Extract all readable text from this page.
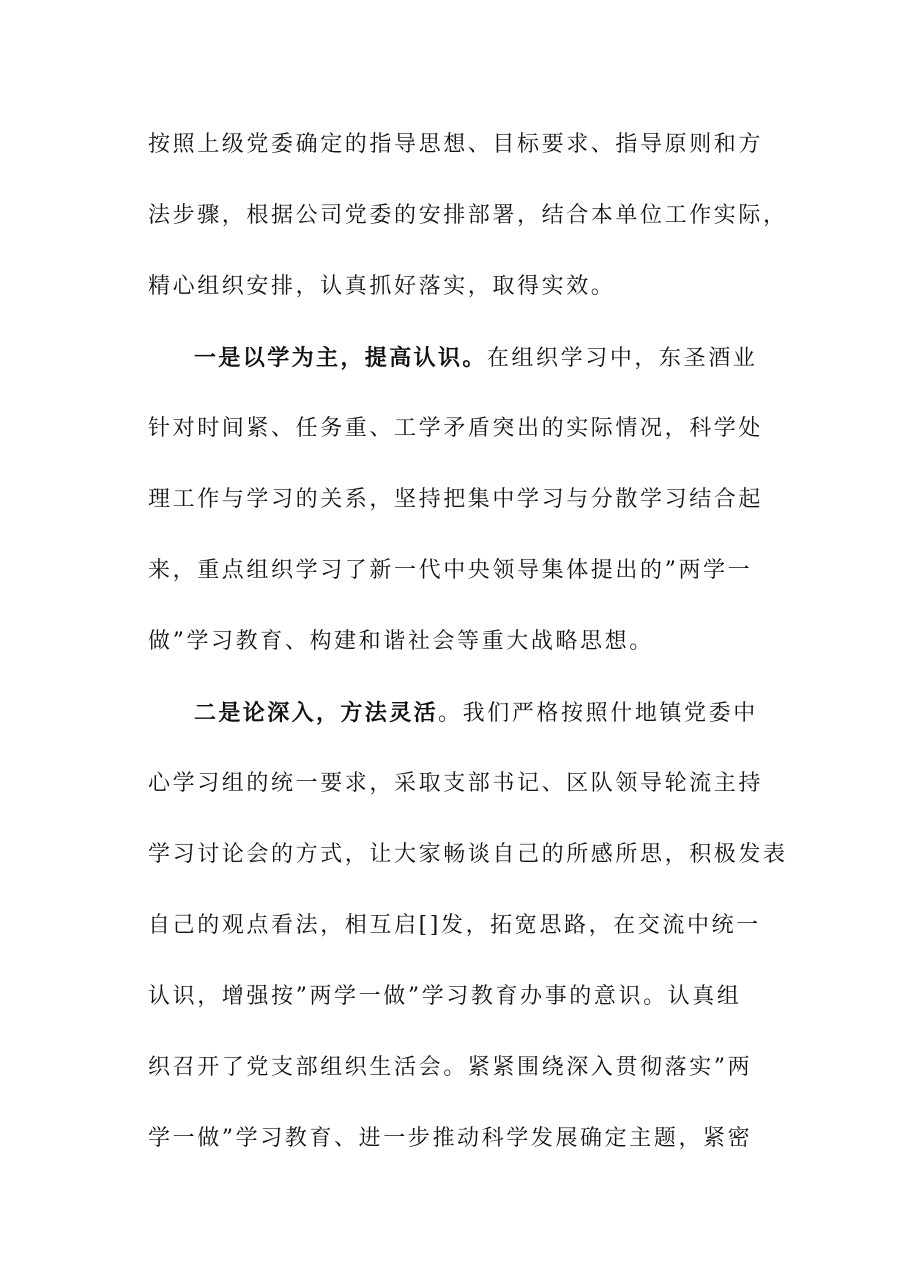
按照上级党委确定的指导思想、目标要求、指导原则和方
法步骤，根据公司党委的安排部署，结合本单位工作实际，
精心组织安排，认真抓好落实，取得实效。
一是以学为主，提高认识。在组织学习中，东圣酒业
针对时间紧、任务重、工学矛盾突出的实际情况，科学处
理工作与学习的关系，坚持把集中学习与分散学习结合起
来，重点组织学习了新一代中央领导集体提出的”两学一
做”学习教育、构建和谐社会等重大战略思想。
二是论深入，方法灵活。我们严格按照什地镇党委中
心学习组的统一要求，采取支部书记、区队领导轮流主持
学习讨论会的方式，让大家畅谈自己的所感所思，积极发表
自己的观点看法，相互启[]发，拓宽思路，在交流中统一
认识，增强按”两学一做”学习教育办事的意识。认真组
织召开了党支部组织生活会。紧紧围绕深入贯彻落实”两
学一做”学习教育、进一步推动科学发展确定主题，紧密
